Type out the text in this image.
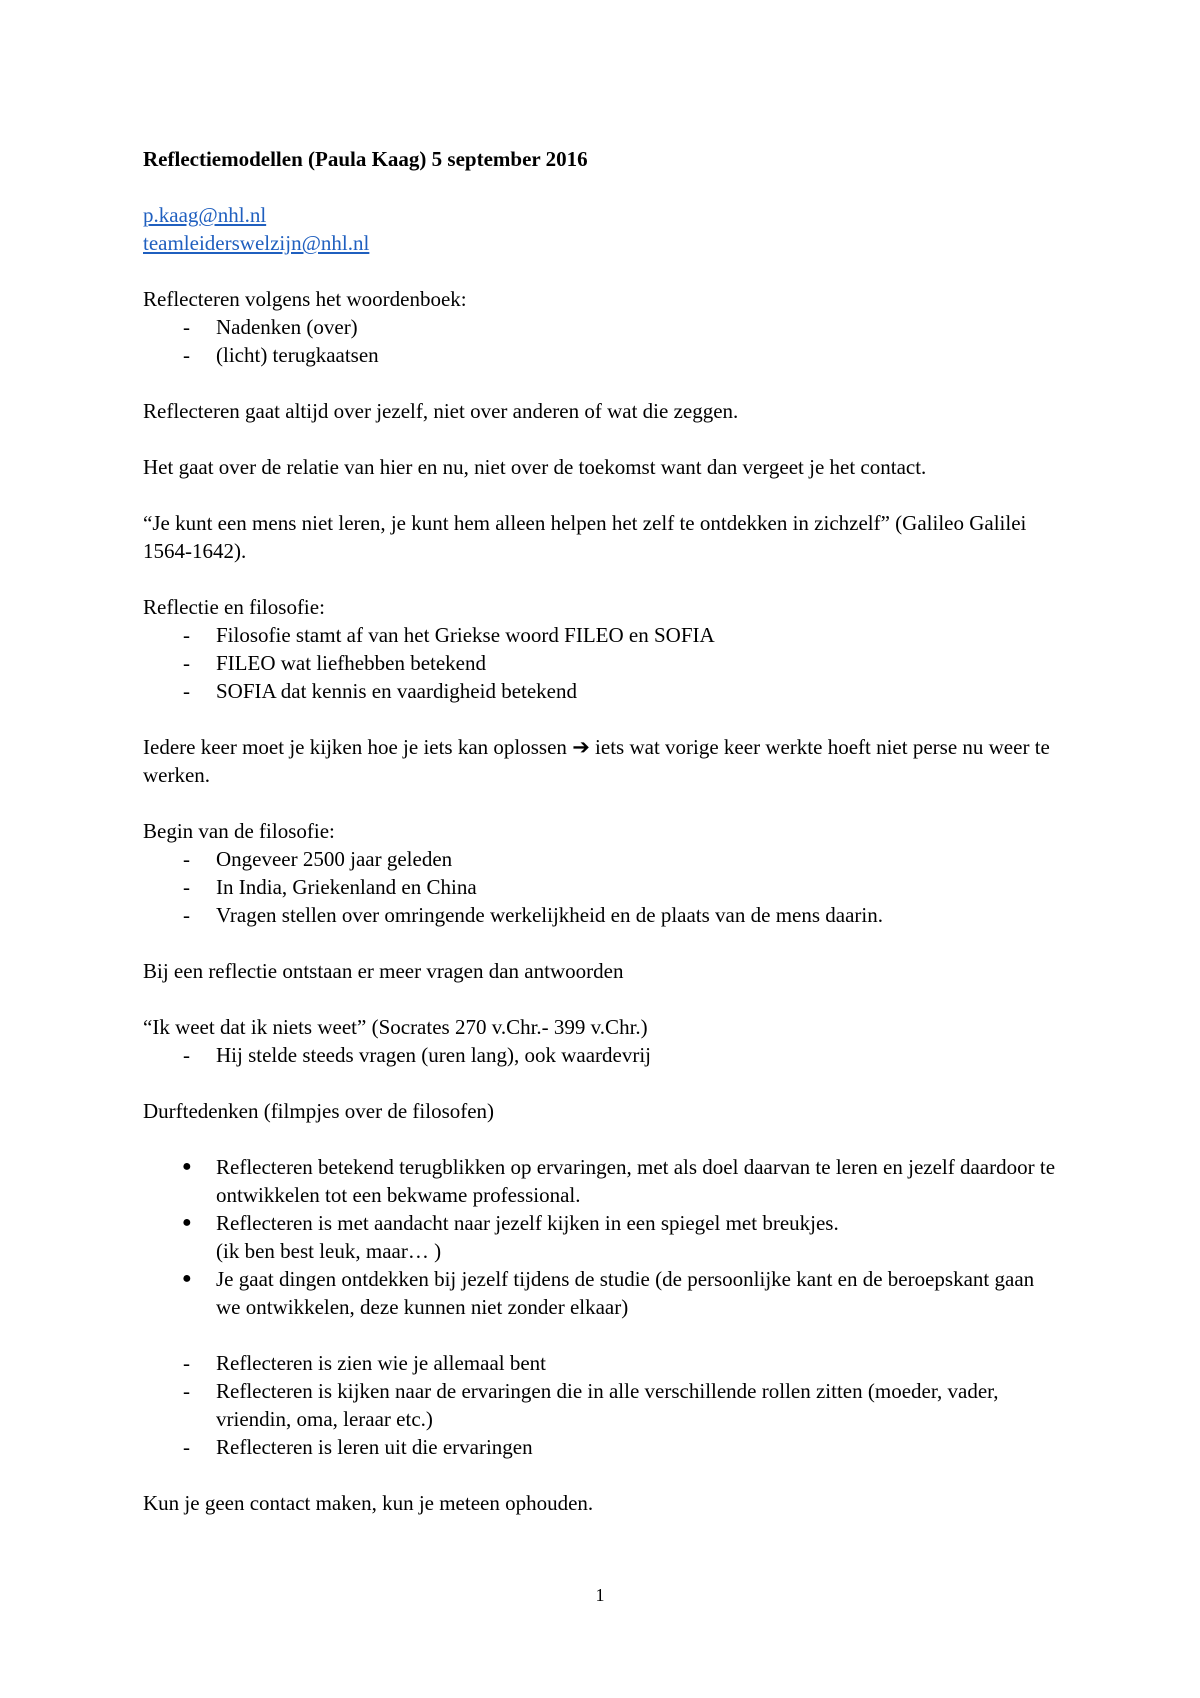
Reflectiemodellen (Paula Kaag) 5 september 2016
p.kaag@nhl.nl
teamleiderswelzijn@nhl.nl
Reflecteren volgens het woordenboek:
- Nadenken (over)
- (licht) terugkaatsen
Reflecteren gaat altijd over jezelf, niet over anderen of wat die zeggen.
Het gaat over de relatie van hier en nu, niet over de toekomst want dan vergeet je het contact.
“Je kunt een mens niet leren, je kunt hem alleen helpen het zelf te ontdekken in zichzelf” (Galileo Galilei 1564-1642).
Reflectie en filosofie:
- Filosofie stamt af van het Griekse woord FILEO en SOFIA
- FILEO wat liefhebben betekend
- SOFIA dat kennis en vaardigheid betekend
Iedere keer moet je kijken hoe je iets kan oplossen ➔ iets wat vorige keer werkte hoeft niet perse nu weer te werken.
Begin van de filosofie:
- Ongeveer 2500 jaar geleden
- In India, Griekenland en China
- Vragen stellen over omringende werkelijkheid en de plaats van de mens daarin.
Bij een reflectie ontstaan er meer vragen dan antwoorden
“Ik weet dat ik niets weet” (Socrates 270 v.Chr.- 399 v.Chr.)
- Hij stelde steeds vragen (uren lang), ook waardevrij
Durftedenken (filmpjes over de filosofen)
● Reflecteren betekend terugblikken op ervaringen, met als doel daarvan te leren en jezelf daardoor te ontwikkelen tot een bekwame professional.
● Reflecteren is met aandacht naar jezelf kijken in een spiegel met breukjes.
(ik ben best leuk, maar… )
● Je gaat dingen ontdekken bij jezelf tijdens de studie (de persoonlijke kant en de beroepskant gaan we ontwikkelen, deze kunnen niet zonder elkaar)
- Reflecteren is zien wie je allemaal bent
- Reflecteren is kijken naar de ervaringen die in alle verschillende rollen zitten (moeder, vader, vriendin, oma, leraar etc.)
- Reflecteren is leren uit die ervaringen
Kun je geen contact maken, kun je meteen ophouden.
1
